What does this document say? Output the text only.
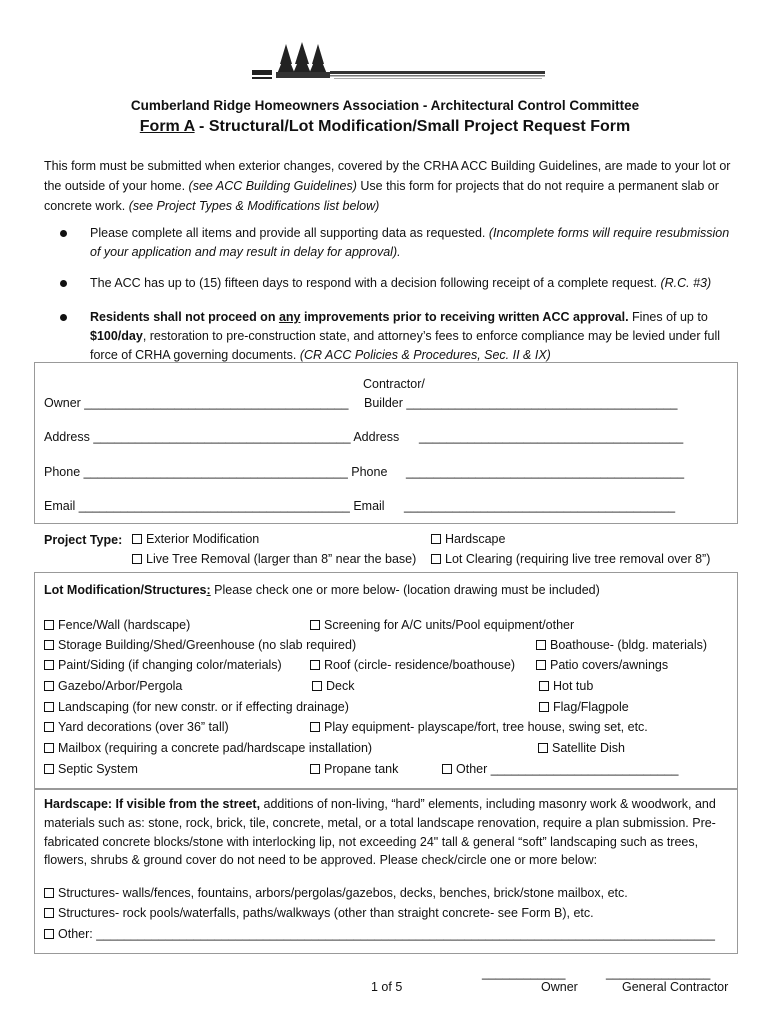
Cumberland Ridge Homeowners Association - Architectural Control Committee
Form A - Structural/Lot Modification/Small Project Request Form
This form must be submitted when exterior changes, covered by the CRHA ACC Building Guidelines, are made to your lot or the outside of your home. (see ACC Building Guidelines) Use this form for projects that do not require a permanent slab or concrete work. (see Project Types & Modifications list below)
Please complete all items and provide all supporting data as requested. (Incomplete forms will require resubmission of your application and may result in delay for approval).
The ACC has up to (15) fifteen days to respond with a decision following receipt of a complete request. (R.C. #3)
Residents shall not proceed on any improvements prior to receiving written ACC approval. Fines of up to $100/day, restoration to pre-construction state, and attorney’s fees to enforce compliance may be levied under full force of CRHA governing documents. (CR ACC Policies & Procedures, Sec. II & IX)
Contractor/
Owner ______________________________________ Builder _______________________________________
Address _____________________________________ Address ______________________________________
Phone ______________________________________ Phone ________________________________________
Email _______________________________________ Email _______________________________________
Project Type:	Exterior Modification	Hardscape
Live Tree Removal (larger than 8” near the base)	Lot Clearing (requiring live tree removal over 8”)
Lot Modification/Structures: Please check one or more below- (location drawing must be included)
Fence/Wall (hardscape)	Screening for A/C units/Pool equipment/other
Storage Building/Shed/Greenhouse (no slab required)	Boathouse- (bldg. materials)
Paint/Siding (if changing color/materials)	Roof (circle- residence/boathouse)	Patio covers/awnings
Gazebo/Arbor/Pergola	Deck	Hot tub
Landscaping (for new constr. or if effecting drainage)	Flag/Flagpole
Yard decorations (over 36” tall)	Play equipment- playscape/fort, tree house, swing set, etc.
Mailbox (requiring a concrete pad/hardscape installation)	Satellite Dish
Septic System	Propane tank	Other ___________________________
Hardscape: If visible from the street, additions of non-living, “hard” elements, including masonry work & woodwork, and
materials such as: stone, rock, brick, tile, concrete, metal, or a total landscape renovation, require a plan submission. Pre-
fabricated concrete blocks/stone with interlocking lip, not exceeding 24" tall & general “soft” landscaping such as trees,
flowers, shrubs & ground cover do not need to be approved. Please check/circle one or more below:
Structures- walls/fences, fountains, arbors/pergolas/gazebos, decks, benches, brick/stone mailbox, etc.
Structures- rock pools/waterfalls, paths/walkways (other than straight concrete- see Form B), etc.
Other: _________________________________________________________________________________________
____________	_______________
1 of 5	Owner	General Contractor
